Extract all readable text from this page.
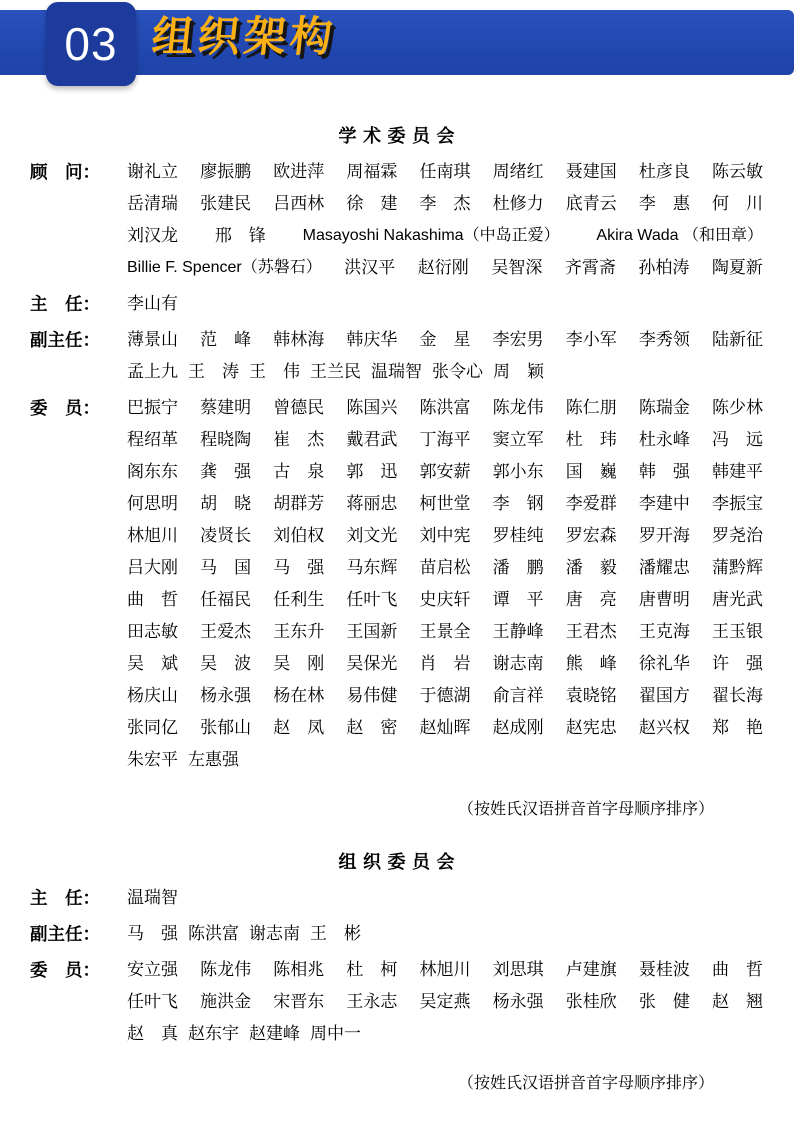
03 组织架构
学 术 委 员 会
顾　问：	谢礼立 廖振鹏 欧进萍 周福霖 任南琪 周绪红 聂建国 杜彦良 陈云敏
岳清瑞 张建民 吕西林 徐　建 李　杰 杜修力 底青云 李　惠 何　川
刘汉龙 邢　锋 Masayoshi Nakashima（中岛正爱） Akira Wada （和田章）
Billie F. Spencer（苏磐石） 洪汉平 赵衍刚 吴智深 齐霄斋 孙柏涛 陶夏新
主　任：	李山有
副主任：	薄景山 范　峰 韩林海 韩庆华 金　星 李宏男 李小军 李秀领 陆新征
孟上九 王　涛 王　伟 王兰民 温瑞智 张令心 周　颖
委　员：	巴振宁 蔡建明 曾德民 陈国兴 陈洪富 陈龙伟 陈仁朋 陈瑞金 陈少林
程绍革 程晓陶 崔　杰 戴君武 丁海平 窦立军 杜　玮 杜永峰 冯　远
阁东东 龚　强 古　泉 郭　迅 郭安薪 郭小东 国　巍 韩　强 韩建平
何思明 胡　晓 胡群芳 蒋丽忠 柯世堂 李　钢 李爱群 李建中 李振宝
林旭川 凌贤长 刘伯权 刘文光 刘中宪 罗桂纯 罗宏森 罗开海 罗尧治
吕大刚 马　国 马　强 马东辉 苗启松 潘　鹏 潘　毅 潘耀忠 蒲黔辉
曲　哲 任福民 任利生 任叶飞 史庆轩 谭　平 唐　亮 唐曹明 唐光武
田志敏 王爱杰 王东升 王国新 王景全 王静峰 王君杰 王克海 王玉银
吴　斌 吴　波 吴　刚 吴保光 肖　岩 谢志南 熊　峰 徐礼华 许　强
杨庆山 杨永强 杨在林 易伟健 于德湖 俞言祥 袁晓铭 翟国方 翟长海
张同亿 张郁山 赵　凤 赵　密 赵灿晖 赵成刚 赵宪忠 赵兴权 郑　艳
朱宏平 左惠强
（按姓氏汉语拼音首字母顺序排序）
组 织 委 员 会
主　任：	温瑞智
副主任：	马　强 陈洪富 谢志南 王　彬
委　员：	安立强 陈龙伟 陈相兆 杜　柯 林旭川 刘思琪 卢建旗 聂桂波 曲　哲
任叶飞 施洪金 宋晋东 王永志 吴定燕 杨永强 张桂欣 张　健 赵　翘
赵　真 赵东宇 赵建峰 周中一
（按姓氏汉语拼音首字母顺序排序）
